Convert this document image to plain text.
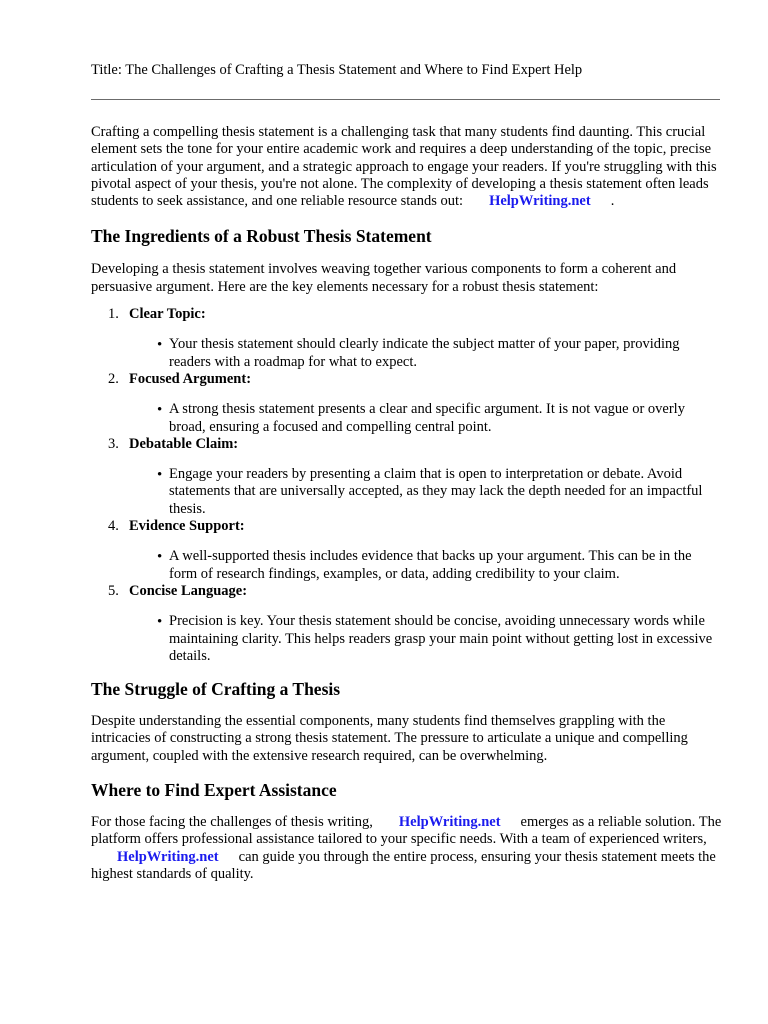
Title: The Challenges of Crafting a Thesis Statement and Where to Find Expert Help

Crafting a compelling thesis statement is a challenging task that many students find daunting. This crucial element sets the tone for your entire academic work and requires a deep understanding of the topic, precise articulation of your argument, and a strategic approach to engage your readers. If you're struggling with this pivotal aspect of your thesis, you're not alone. The complexity of developing a thesis statement often leads students to seek assistance, and one reliable resource stands out: HelpWriting.net .

The Ingredients of a Robust Thesis Statement

Developing a thesis statement involves weaving together various components to form a coherent and persuasive argument. Here are the key elements necessary for a robust thesis statement:

1. Clear Topic:
• Your thesis statement should clearly indicate the subject matter of your paper, providing readers with a roadmap for what to expect.
2. Focused Argument:
• A strong thesis statement presents a clear and specific argument. It is not vague or overly broad, ensuring a focused and compelling central point.
3. Debatable Claim:
• Engage your readers by presenting a claim that is open to interpretation or debate. Avoid statements that are universally accepted, as they may lack the depth needed for an impactful thesis.
4. Evidence Support:
• A well-supported thesis includes evidence that backs up your argument. This can be in the form of research findings, examples, or data, adding credibility to your claim.
5. Concise Language:
• Precision is key. Your thesis statement should be concise, avoiding unnecessary words while maintaining clarity. This helps readers grasp your main point without getting lost in excessive details.
The Struggle of Crafting a Thesis

Despite understanding the essential components, many students find themselves grappling with the intricacies of constructing a strong thesis statement. The pressure to articulate a unique and compelling argument, coupled with the extensive research required, can be overwhelming.

Where to Find Expert Assistance

For those facing the challenges of thesis writing, HelpWriting.net emerges as a reliable solution. The platform offers professional assistance tailored to your specific needs. With a team of experienced writers,HelpWriting.net can guide you through the entire process, ensuring your thesis statement meets the highest standards of quality.
